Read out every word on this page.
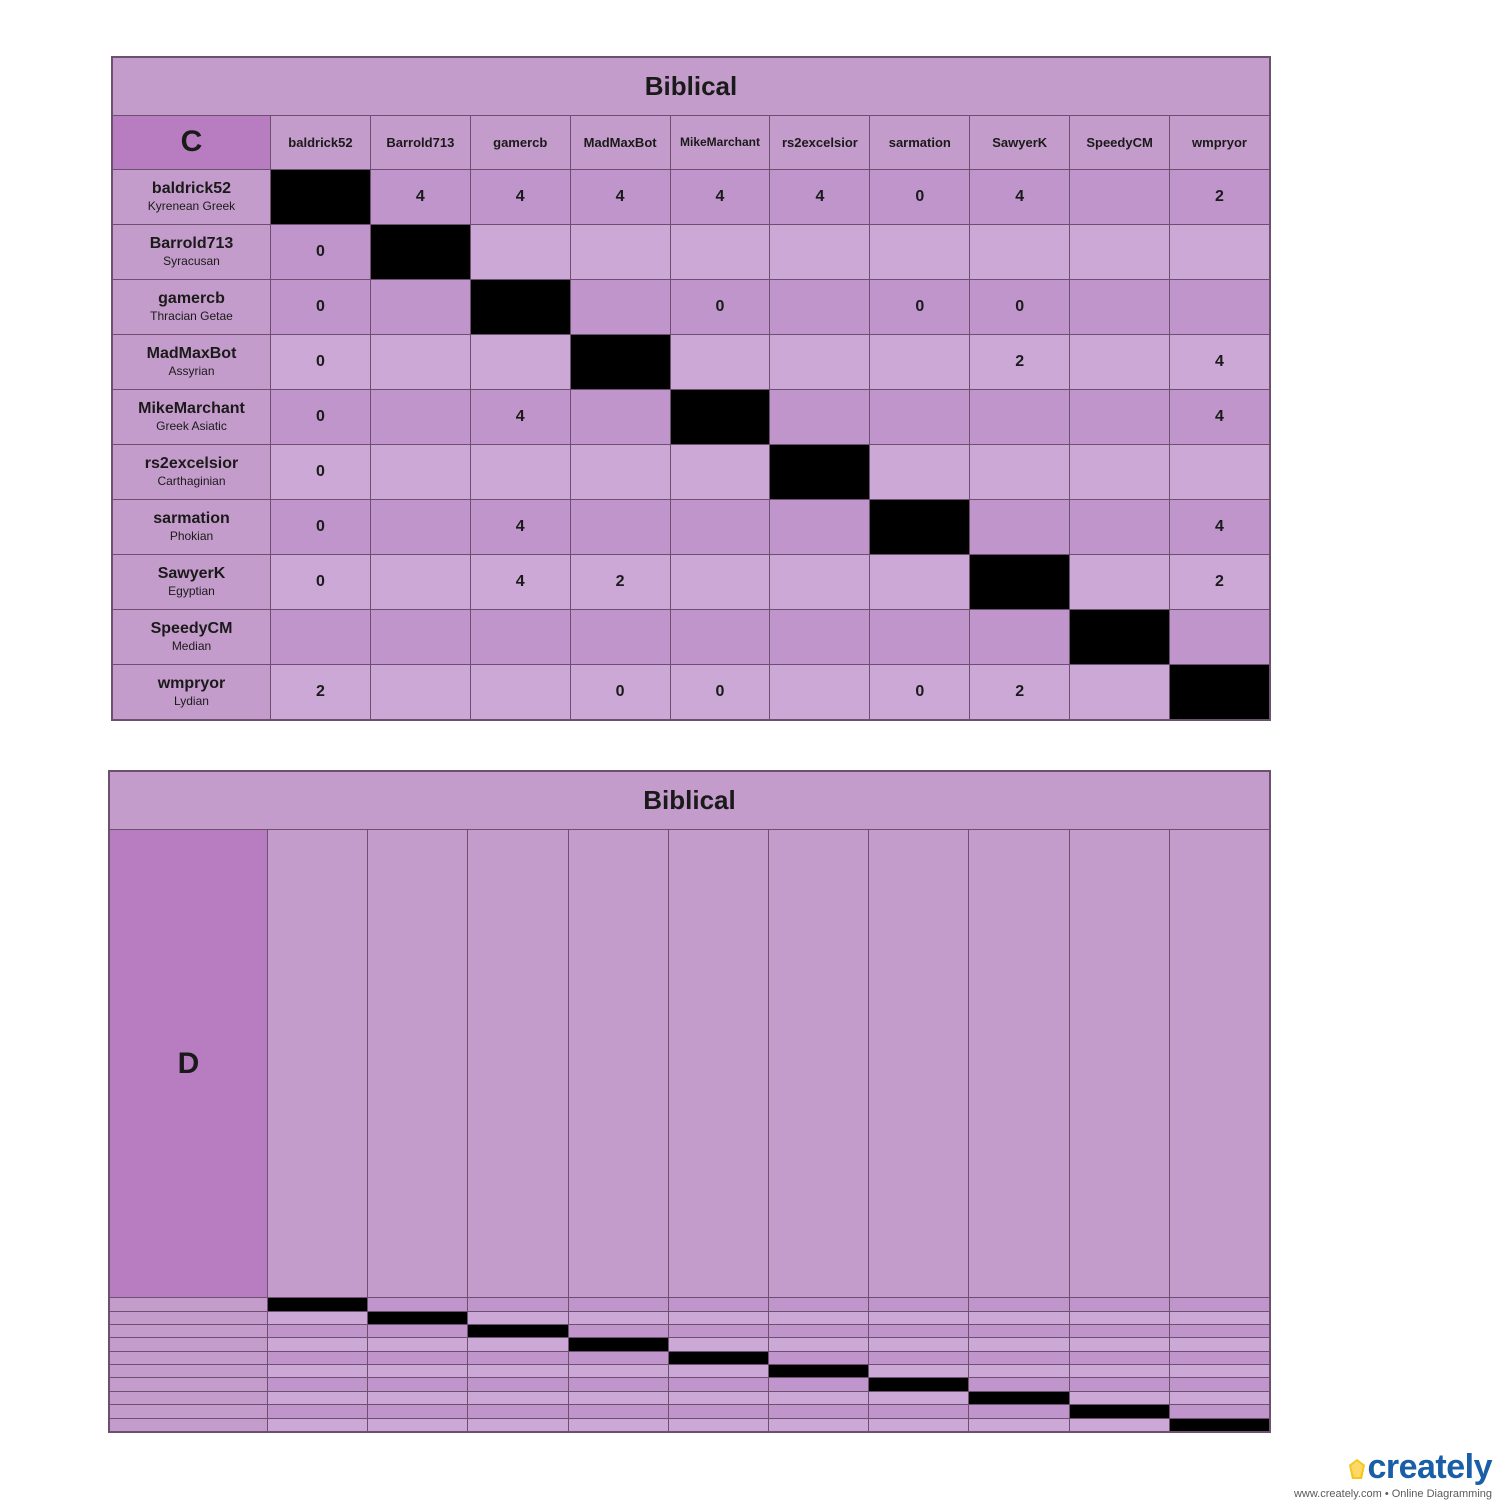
Biblical										
C	baldrick52	Barrold713	gamercb	MadMaxBot	MikeMarchant	rs2excelsior	sarmation	SawyerK	SpeedyCM	wmpryor

baldrick52
Kyrenean Greek		4	4	4	4	4	0	4		2

Barrold713
Syracusan	0									

gamercb
Thracian Getae	0				0		0	0		

MadMaxBot
Assyrian	0							2		4

MikeMarchant
Greek Asiatic	0		4							4

rs2excelsior
Carthaginian	0									

sarmation
Phokian	0		4							4

SawyerK
Egyptian	0		4	2						2

SpeedyCM
Median										

wmpryor
Lydian	2			0	0		0	2		
Biblical										
D										

creately
www.creately.com • Online Diagramming
